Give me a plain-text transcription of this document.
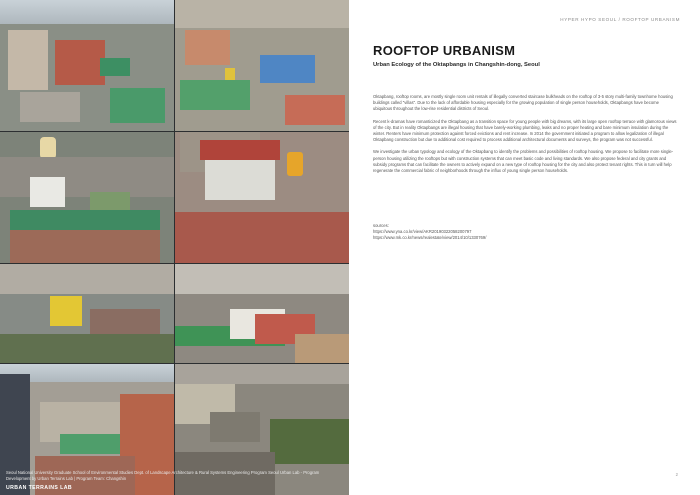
Seoul National University Graduate School of Environmental Studies Dept. of Landscape Architecture & Rural Systems Engineering Program Seoul Urban Lab - Program Development by Urban Terrains Lab | Program Team: Changshin
URBAN TERRAINS LAB
HYPER HYPO SEOUL / ROOFTOP URBANISM
ROOFTOP URBANISM
Urban Ecology of the Oktapbangs in Changshin-dong, Seoul

Oktapbang, rooftop rooms, are mostly single room unit rentals of illegally converted staircase bulkheads on the rooftop of 3-5 story multi-family townhome housing buildings called "villas". Due to the lack of affordable housing especially for the growing population of single person households, Oktapbangs have become ubiquitous throughout the low-rise residential districts of Seoul.

Recent k-dramas have romanticized the Oktapbang as a transition space for young people with big dreams, with its large open rooftop terrace with glamorous views of the city. But in reality Oktapbangs are illegal housing that have barely-working plumbing, leaks and no proper heating and bare minimum insulation during the winter. Renters have minimum protection against forced evictions and rent increase. In 2014 the government initiated a program to allow legalization of illegal Oktapbang construction but due to additional cost required to process additional architectural documents and surveys, the program was not successful.

We investigate the urban typology and ecology of the Oktapbang to identify the problems and possibilities of rooftop housing. We propose to facilitate more single-person housing utilizing the rooftops but with construction systems that can meet basic code and living standards. We also propose federal and city grants and subsidy programs that can facilitate the owners to actively expand on a new type of rooftop housing for the city and also protect tenant rights. This in turn will help regenerate the commercial fabric of neighborhoods through the influx of young single person households.

sources:
https://www.yna.co.kr/view/AKR20190322058200797
https://www.mk.co.kr/news/realestate/view/2014/10/1330769/
2
